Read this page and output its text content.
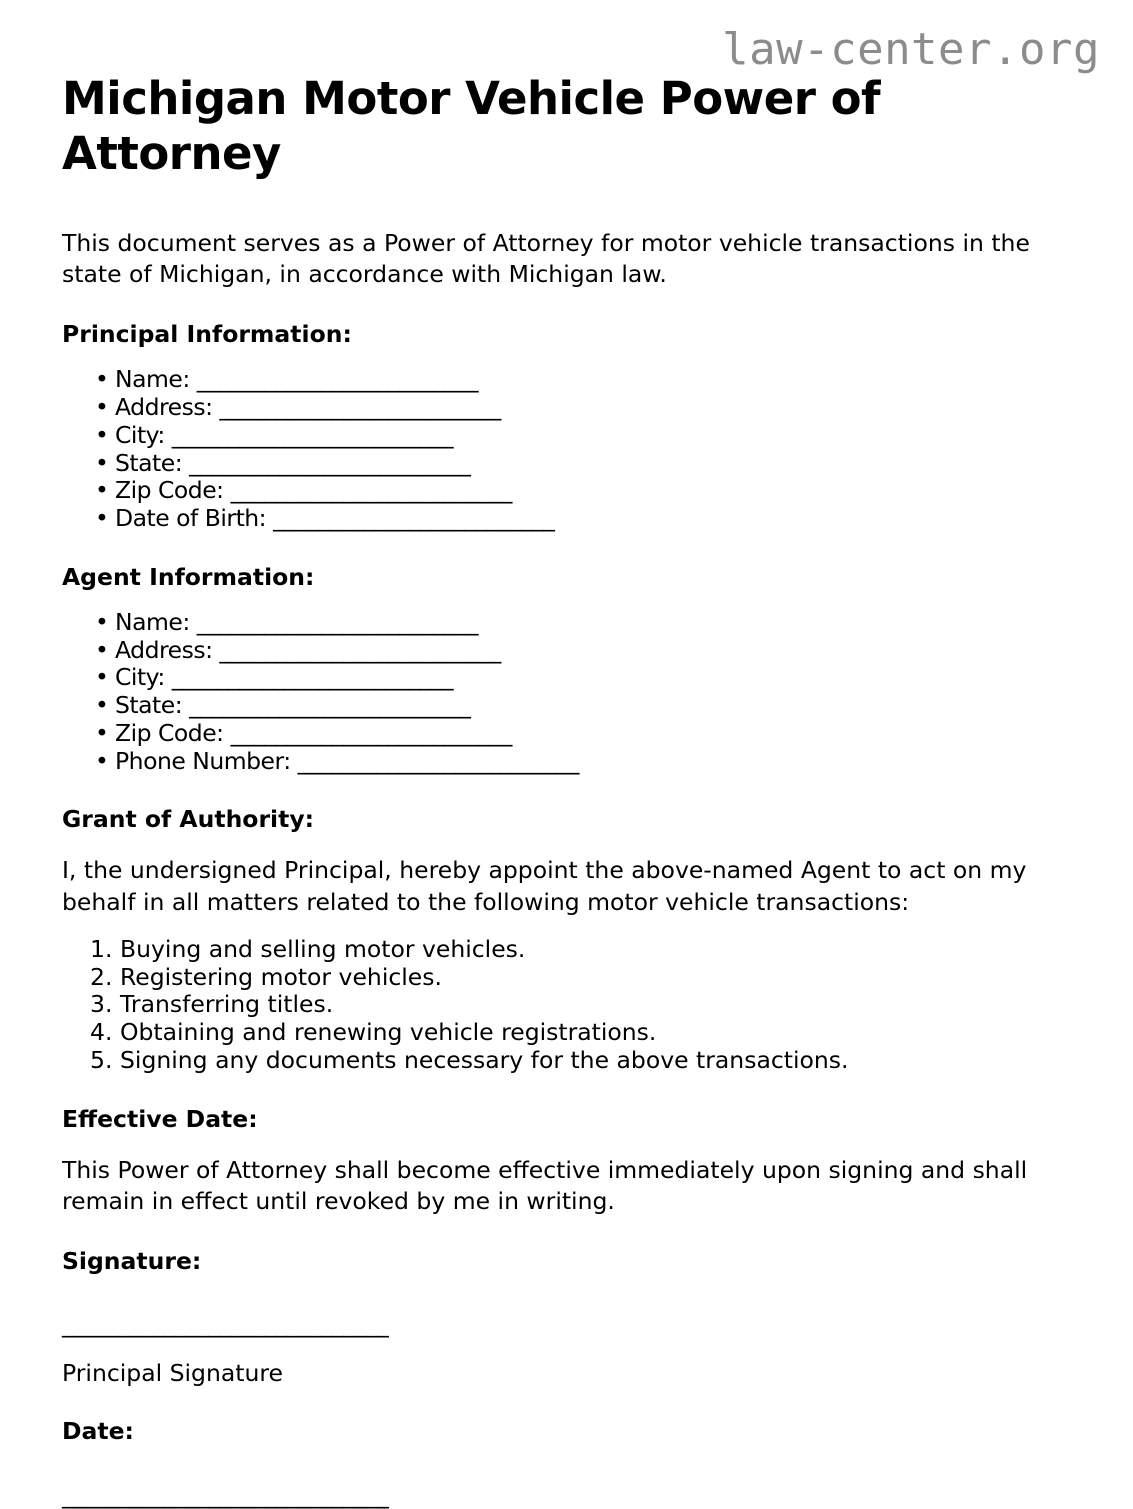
law-center.org
Michigan Motor Vehicle Power of Attorney

This document serves as a Power of Attorney for motor vehicle transactions in the state of Michigan, in accordance with Michigan law.

Principal Information:
• Name: _________________________
• Address: _________________________
• City: _________________________
• State: _________________________
• Zip Code: _________________________
• Date of Birth: _________________________
Agent Information:
• Name: _________________________
• Address: _________________________
• City: _________________________
• State: _________________________
• Zip Code: _________________________
• Phone Number: _________________________
Grant of Authority:

I, the undersigned Principal, hereby appoint the above-named Agent to act on my behalf in all matters related to the following motor vehicle transactions:

Buying and selling motor vehicles.
Registering motor vehicles.
Transferring titles.
Obtaining and renewing vehicle registrations.
Signing any documents necessary for the above transactions.
Effective Date:

This Power of Attorney shall become effective immediately upon signing and shall remain in effect until revoked by me in writing.

Signature:
_____________________________

Principal Signature

Date:
_____________________________
